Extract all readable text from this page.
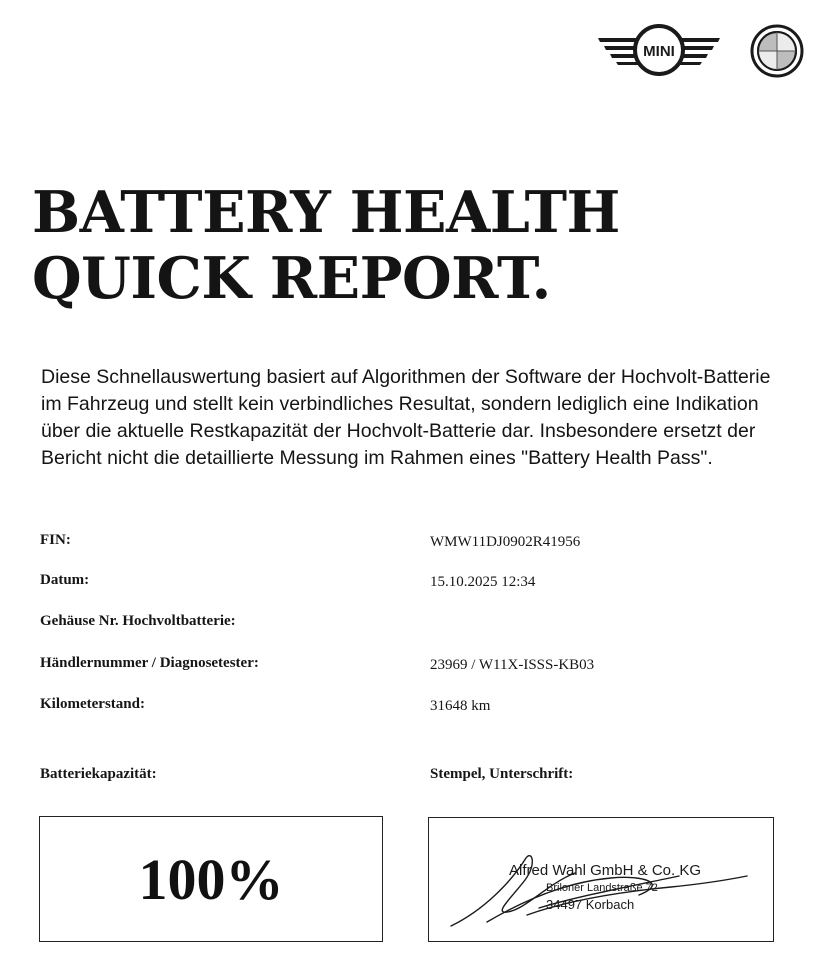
MINI
BATTERY HEALTH
QUICK REPORT.

Diese Schnellauswertung basiert auf Algorithmen der Software der Hochvolt-Batterie im Fahrzeug und stellt kein verbindliches Resultat, sondern lediglich eine Indikation über die aktuelle Restkapazität der Hochvolt-Batterie dar. Insbesondere ersetzt der Bericht nicht die detaillierte Messung im Rahmen eines "Battery Health Pass".

FIN:	WMW11DJ0902R41956
Datum:	15.10.2025 12:34
Gehäuse Nr. Hochvoltbatterie:
Händlernummer / Diagnosetester:	23969 / W11X-ISSS-KB03
Kilometerstand:	31648 km
Batteriekapazität:	Stempel, Unterschrift:
100%	Alfred Wahl GmbH & Co. KG
Briloner Landstraße 72
34497 Korbach
